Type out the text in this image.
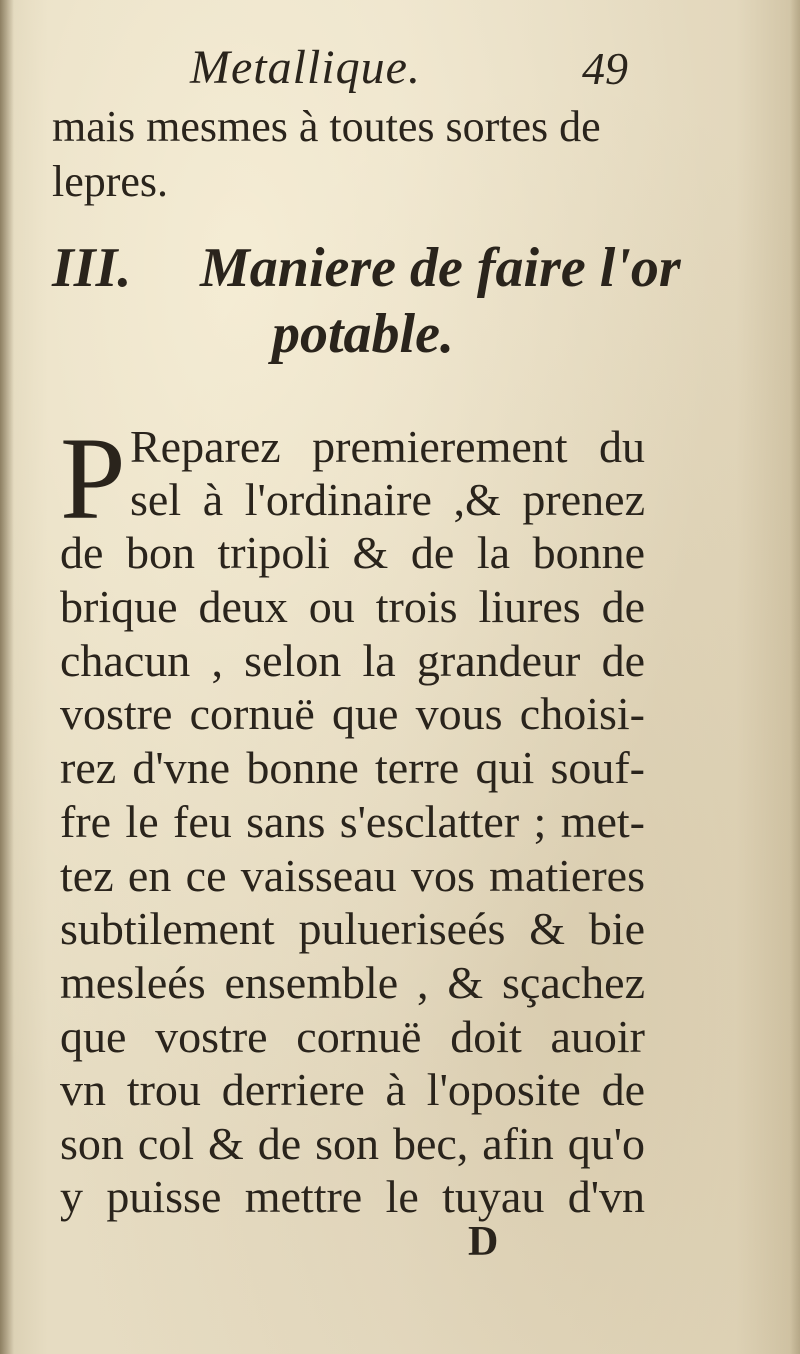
Metallique.	49
mais mesmes à toutes sortes de
lepres.
III. Maniere de faire l'or
potable.
P Reparez premierement du
sel à l'ordinaire ,& prenez
de bon tripoli & de la bonne
brique deux ou trois liures de
chacun , selon la grandeur de
vostre cornuë que vous choisi-
rez d'vne bonne terre qui souf-
fre le feu sans s'esclatter ; met-
tez en ce vaisseau vos matieres
subtilement pulueriseés & bie
mesleés ensemble , & sçachez
que vostre cornuë doit auoir
vn trou derriere à l'oposite de
son col & de son bec, afin qu'o
y puisse mettre le tuyau d'vn
D
